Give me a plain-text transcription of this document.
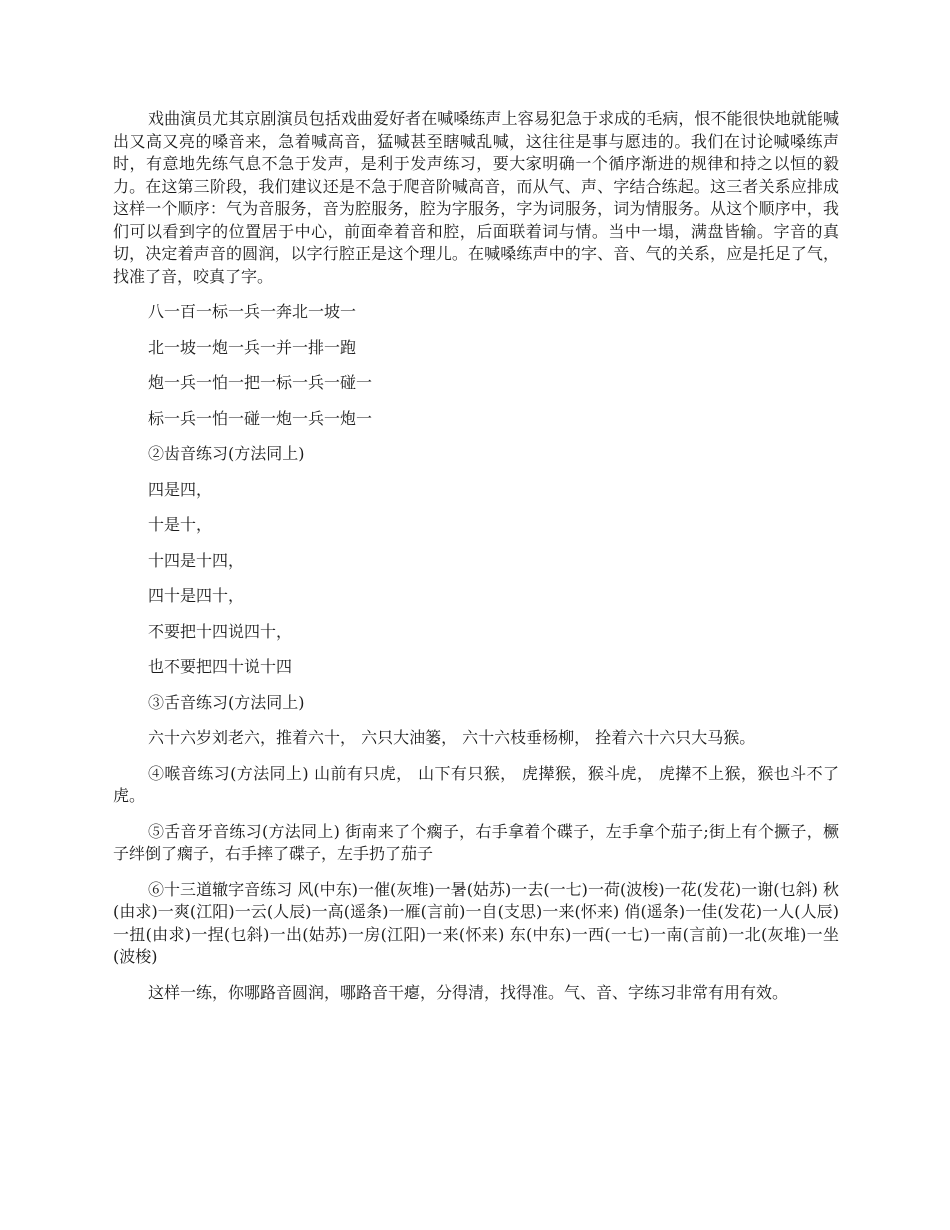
戏曲演员尤其京剧演员包括戏曲爱好者在喊嗓练声上容易犯急于求成的毛病，恨不能很快地就能喊出又高又亮的嗓音来，急着喊高音，猛喊甚至瞎喊乱喊，这往往是事与愿违的。我们在讨论喊嗓练声时，有意地先练气息不急于发声，是利于发声练习，要大家明确一个循序渐进的规律和持之以恒的毅力。在这第三阶段，我们建议还是不急于爬音阶喊高音，而从气、声、字结合练起。这三者关系应排成这样一个顺序：气为音服务，音为腔服务，腔为字服务，字为词服务，词为情服务。从这个顺序中，我们可以看到字的位置居于中心，前面牵着音和腔，后面联着词与情。当中一塌，满盘皆输。字音的真切，决定着声音的圆润，以字行腔正是这个理儿。在喊嗓练声中的字、音、气的关系，应是托足了气，找准了音，咬真了字。

八一百一标一兵一奔北一坡一

北一坡一炮一兵一并一排一跑

炮一兵一怕一把一标一兵一碰一

标一兵一怕一碰一炮一兵一炮一

②齿音练习(方法同上)

四是四，

十是十，

十四是十四，

四十是四十，

不要把十四说四十，

也不要把四十说十四

③舌音练习(方法同上)

六十六岁刘老六，推着六十， 六只大油篓， 六十六枝垂杨柳， 拴着六十六只大马猴。

④喉音练习(方法同上) 山前有只虎， 山下有只猴， 虎撵猴，猴斗虎， 虎撵不上猴，猴也斗不了虎。

⑤舌音牙音练习(方法同上) 街南来了个瘸子，右手拿着个碟子，左手拿个茄子;街上有个撅子，橛子绊倒了瘸子，右手摔了碟子，左手扔了茄子

⑥十三道辙字音练习 风(中东)一催(灰堆)一暑(姑苏)一去(一七)一荷(波梭)一花(发花)一谢(乜斜) 秋(由求)一爽(江阳)一云(人辰)一高(遥条)一雁(言前)一自(支思)一来(怀来) 俏(遥条)一佳(发花)一人(人辰)一扭(由求)一捏(乜斜)一出(姑苏)一房(江阳)一来(怀来) 东(中东)一西(一七)一南(言前)一北(灰堆)一坐(波梭)

这样一练，你哪路音圆润，哪路音干瘪，分得清，找得准。气、音、字练习非常有用有效。
